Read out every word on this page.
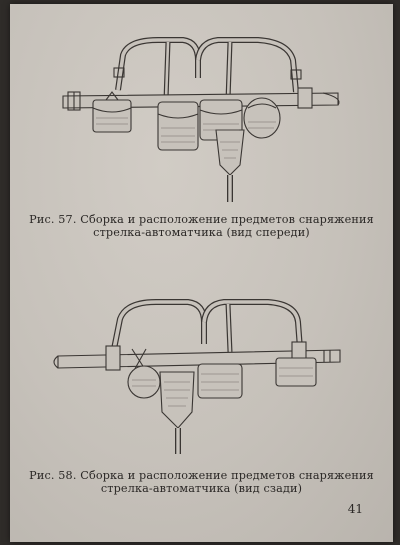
Рис. 57. Сборка и расположение предметов снаряжения
стрелка-автоматчика (вид спереди)
Рис. 58. Сборка и расположение предметов снаряжения
стрелка-автоматчика (вид сзади)
41
